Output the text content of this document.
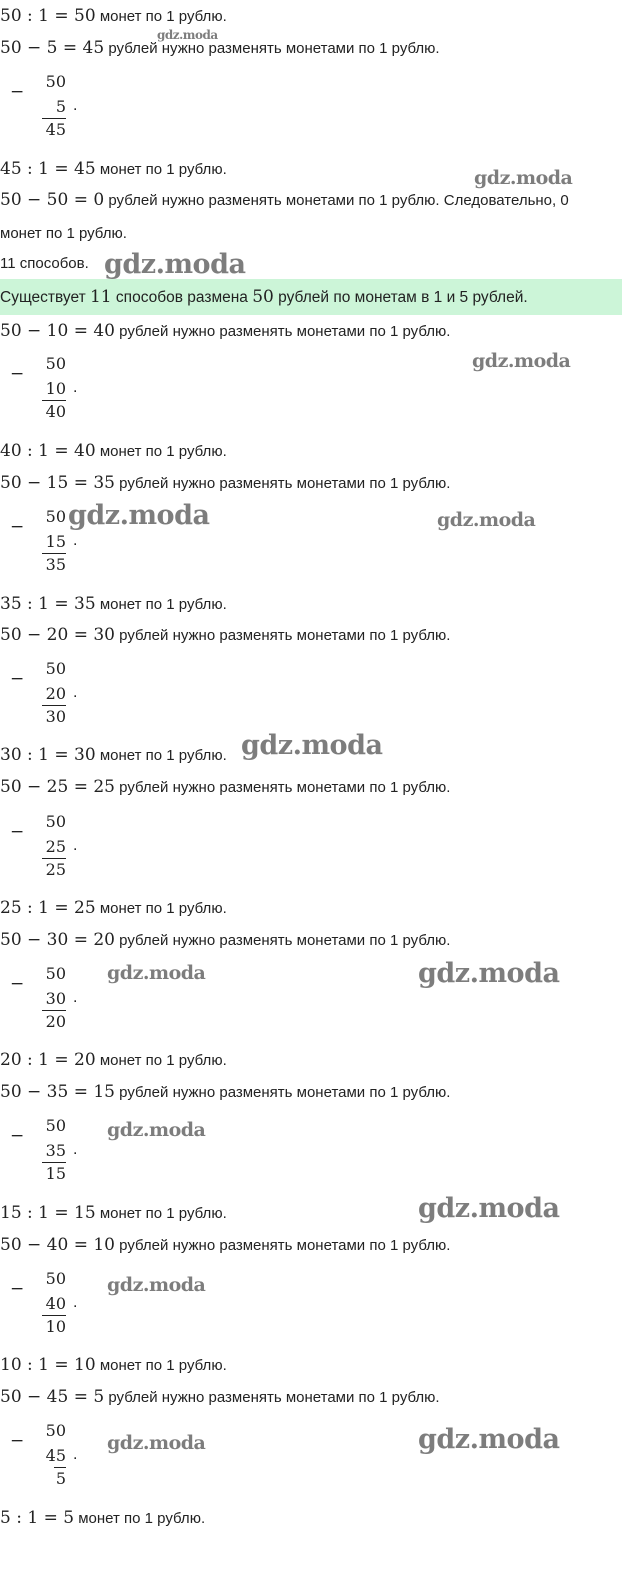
50 : 1 = 50 монет по 1 рублю.
50 − 5 = 45 рублей нужно разменять монетами по 1 рублю.
45 : 1 = 45 монет по 1 рублю.
50 − 50 = 0 рублей нужно разменять монетами по 1 рублю. Следовательно, 0
монет по 1 рублю.
11 способов.
Существует 11 способов размена 50 рублей по монетам в 1 и 5 рублей.
50 − 10 = 40 рублей нужно разменять монетами по 1 рублю.
40 : 1 = 40 монет по 1 рублю.
50 − 15 = 35 рублей нужно разменять монетами по 1 рублю.
35 : 1 = 35 монет по 1 рублю.
50 − 20 = 30 рублей нужно разменять монетами по 1 рублю.
30 : 1 = 30 монет по 1 рублю.
50 − 25 = 25 рублей нужно разменять монетами по 1 рублю.
25 : 1 = 25 монет по 1 рублю.
50 − 30 = 20 рублей нужно разменять монетами по 1 рублю.
20 : 1 = 20 монет по 1 рублю.
50 − 35 = 15 рублей нужно разменять монетами по 1 рублю.
15 : 1 = 15 монет по 1 рублю.
50 − 40 = 10 рублей нужно разменять монетами по 1 рублю.
10 : 1 = 10 монет по 1 рублю.
50 − 45 = 5 рублей нужно разменять монетами по 1 рублю.
5 : 1 = 5 монет по 1 рублю.
−
50
5
45
.
−
50
10
40
.
−
50
15
35
.
−
50
20
30
.
−
50
25
25
.
−
50
30
20
.
−
50
35
15
.
−
50
40
10
.
−
50
45
5
.
gdz.moda
gdz.moda
gdz.moda
gdz.moda
gdz.moda	gdz.moda
gdz.moda
gdz.moda	gdz.moda
gdz.moda
gdz.moda
gdz.moda
gdz.moda	gdz.moda
